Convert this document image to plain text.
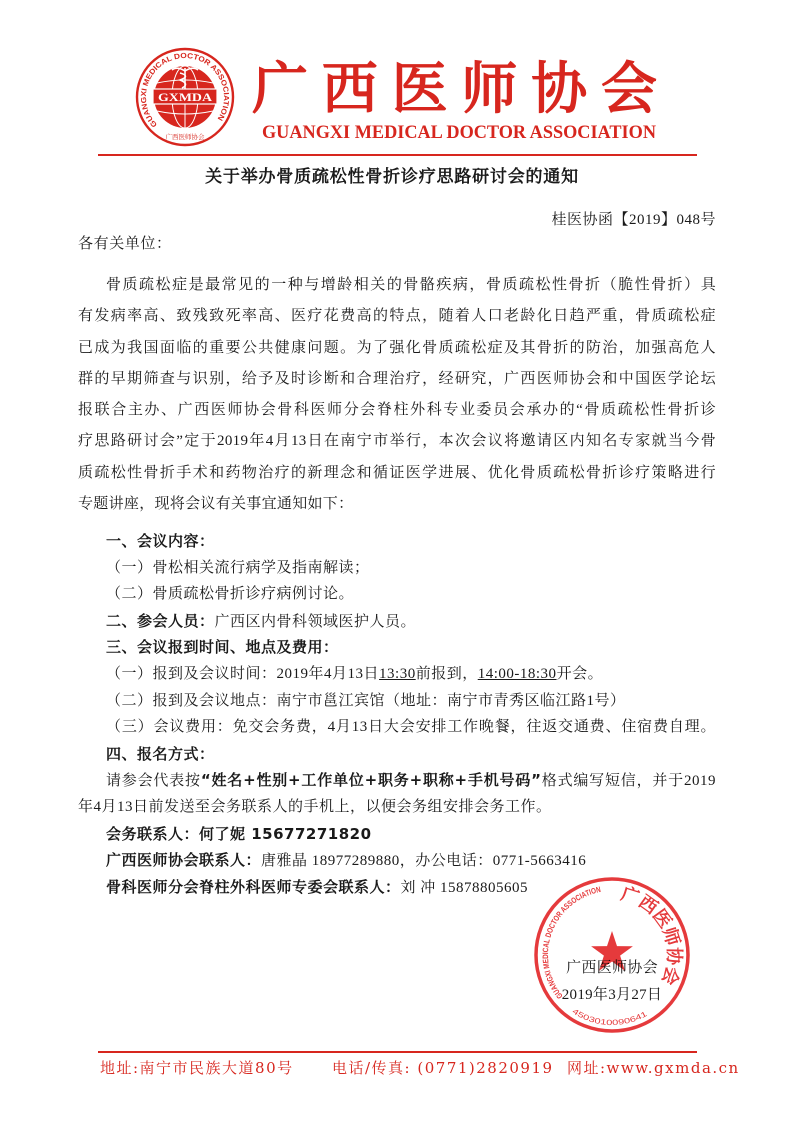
GUANGXI MEDICAL DOCTOR ASSOCIATION
GXMDA
广西医师协会
广西医师协会
GUANGXI MEDICAL DOCTOR ASSOCIATION
关于举办骨质疏松性骨折诊疗思路研讨会的通知
桂医协函【2019】048号
各有关单位：
骨质疏松症是最常见的一种与增龄相关的骨骼疾病，骨质疏松性骨折（脆性骨折）具
有发病率高、致残致死率高、医疗花费高的特点，随着人口老龄化日趋严重，骨质疏松症
已成为我国面临的重要公共健康问题。为了强化骨质疏松症及其骨折的防治，加强高危人
群的早期筛查与识别，给予及时诊断和合理治疗，经研究，广西医师协会和中国医学论坛
报联合主办、广西医师协会骨科医师分会脊柱外科专业委员会承办的“骨质疏松性骨折诊
疗思路研讨会”定于2019年4月13日在南宁市举行，本次会议将邀请区内知名专家就当今骨
质疏松性骨折手术和药物治疗的新理念和循证医学进展、优化骨质疏松骨折诊疗策略进行
专题讲座，现将会议有关事宜通知如下：
一、会议内容：
（一）骨松相关流行病学及指南解读；
（二）骨质疏松骨折诊疗病例讨论。
二、参会人员：广西区内骨科领域医护人员。
三、会议报到时间、地点及费用：
（一）报到及会议时间：2019年4月13日13:30前报到，14:00-18:30开会。
（二）报到及会议地点：南宁市邕江宾馆（地址：南宁市青秀区临江路1号）
（三）会议费用：免交会务费，4月13日大会安排工作晚餐，往返交通费、住宿费自理。
四、报名方式：
请参会代表按“姓名+性别+工作单位+职务+职称+手机号码”格式编写短信，并于2019
年4月13日前发送至会务联系人的手机上，以便会务组安排会务工作。
会务联系人：何了妮 15677271820
广西医师协会联系人：唐雅晶 18977289880，办公电话：0771-5663416
骨科医师分会脊柱外科医师专委会联系人：刘 冲 15878805605
广西医师协会
2019年3月27日
GUANGXI MEDICAL DOCTOR ASSOCIATION 广西医师协会
4503010090641
地址:南宁市民族大道80号	电话/传真: (0771)2820919 网址:www.gxmda.cn
